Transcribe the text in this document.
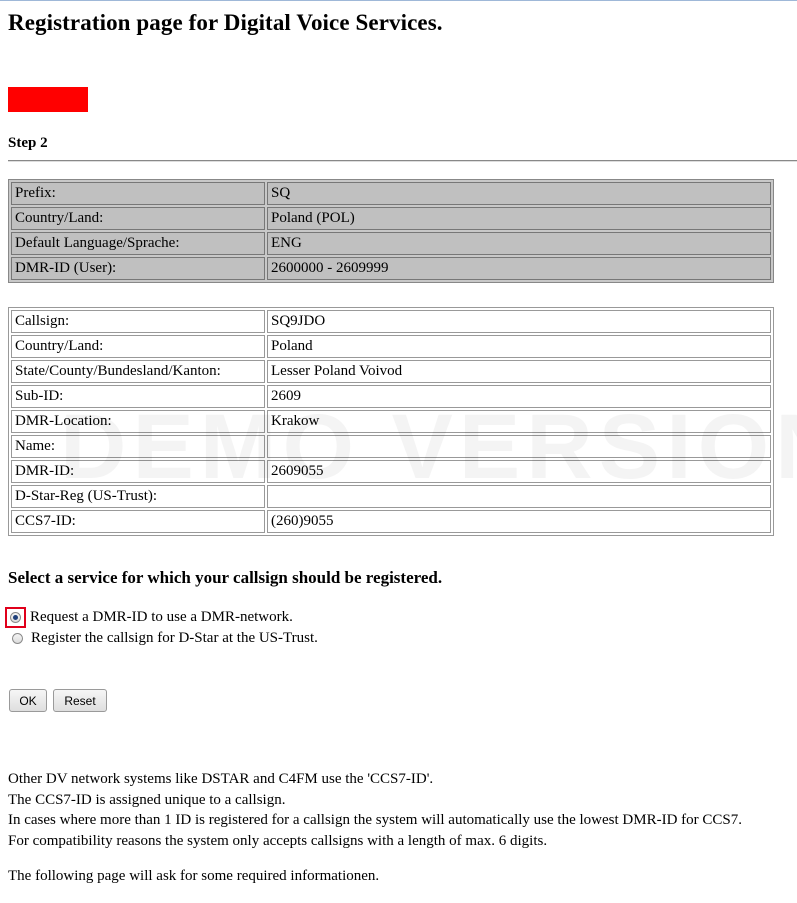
Registration page for Digital Voice Services.

Step 2

Prefix:	SQ
Country/Land:	Poland (POL)
Default Language/Sprache:	ENG
DMR-ID (User):	2600000 - 2609999
Callsign:	SQ9JDO
Country/Land:	Poland
State/County/Bundesland/Kanton:	Lesser Poland Voivod
Sub-ID:	2609
DMR-Location:	Krakow
Name:	
DMR-ID:	2609055
D-Star-Reg (US-Trust):	
CCS7-ID:	(260)9055

Select a service for which your callsign should be registered.

Request a DMR-ID to use a DMR-network.
Register the callsign for D-Star at the US-Trust.
OK	Reset

Other DV network systems like DSTAR and C4FM use the 'CCS7-ID'.

The CCS7-ID is assigned unique to a callsign.

In cases where more than 1 ID is registered for a callsign the system will automatically use the lowest DMR-ID for CCS7.

For compatibility reasons the system only accepts callsigns with a length of max. 6 digits.

The following page will ask for some required informationen.
